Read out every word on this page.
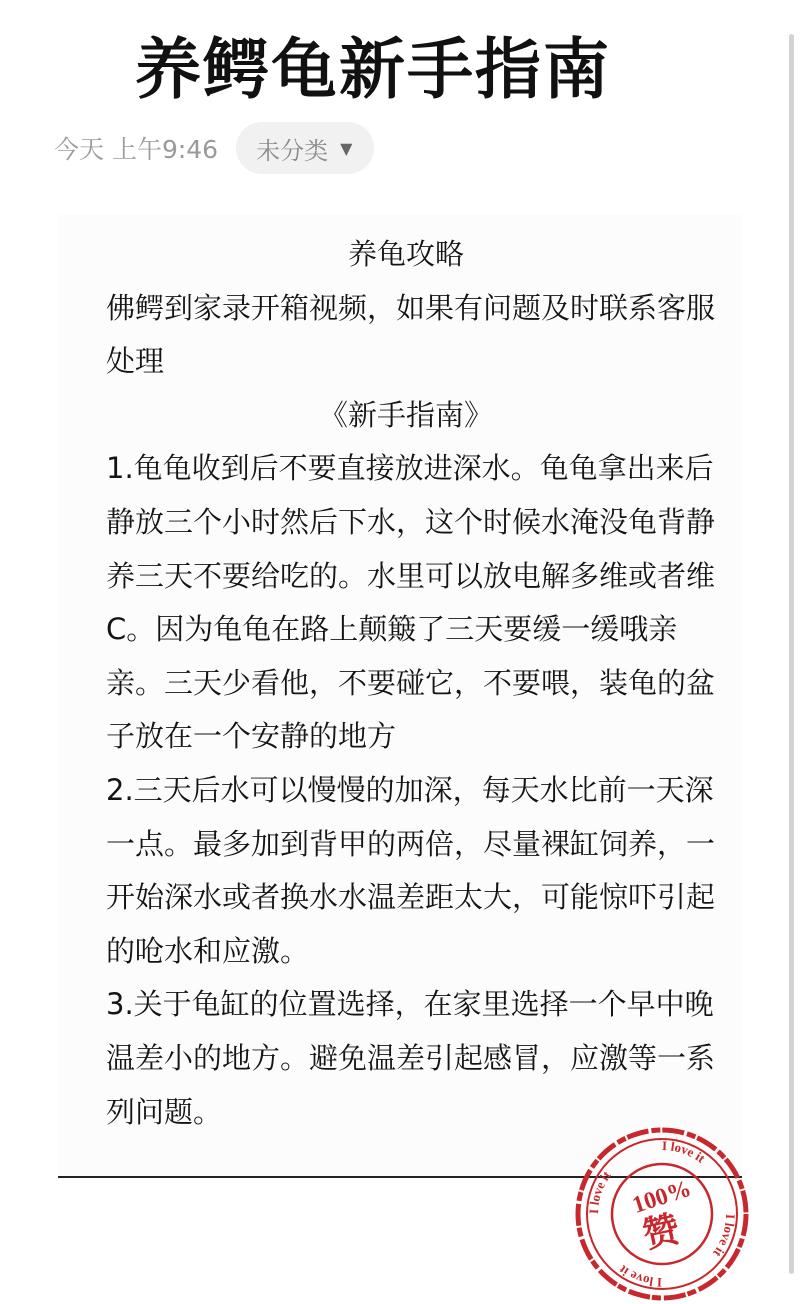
养鳄龟新手指南
今天 上午9:46 未分类 ▼
养龟攻略
佛鳄到家录开箱视频，如果有问题及时联系客服处理
《新手指南》
1.龟龟收到后不要直接放进深水。龟龟拿出来后静放三个小时然后下水，这个时候水淹没龟背静养三天不要给吃的。水里可以放电解多维或者维C。因为龟龟在路上颠簸了三天要缓一缓哦亲亲。三天少看他，不要碰它，不要喂，装龟的盆子放在一个安静的地方
2.三天后水可以慢慢的加深，每天水比前一天深一点。最多加到背甲的两倍，尽量裸缸饲养，一开始深水或者换水水温差距太大，可能惊吓引起的呛水和应激。
3.关于龟缸的位置选择，在家里选择一个早中晚温差小的地方。避免温差引起感冒，应激等一系列问题。
I love it
I love it
I love it
I love it
100%
赞
